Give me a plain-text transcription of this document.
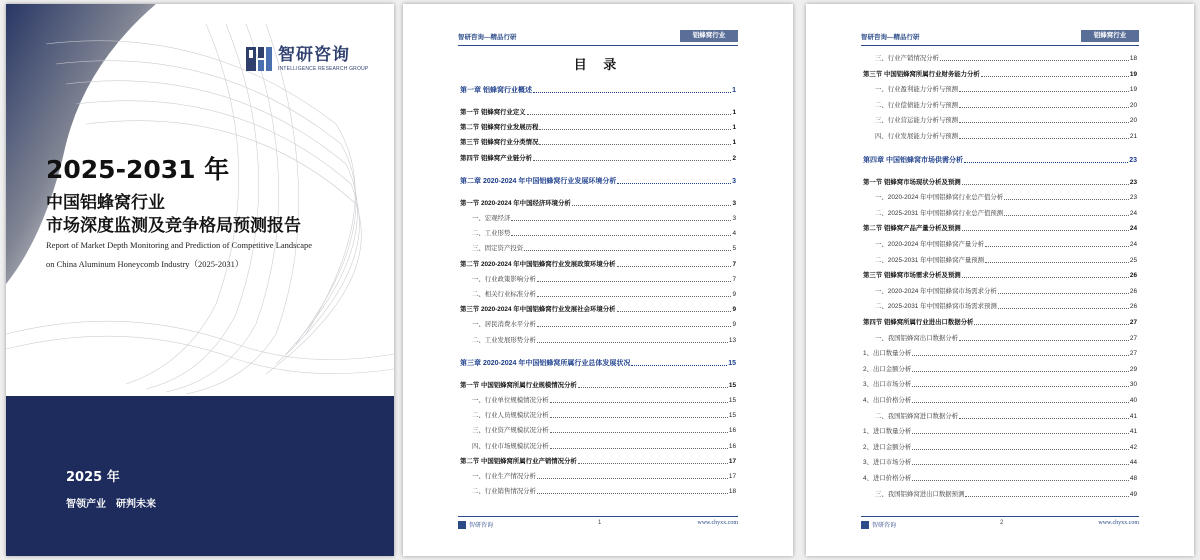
智研咨询
INTELLIGENCE RESEARCH GROUP
2025-2031 年
中国铝蜂窝行业
市场深度监测及竞争格局预测报告
Report of Market Depth Monitoring and Prediction of Competitive Landscape
on China Aluminum Honeycomb Industry（2025-2031）
2025 年
智领产业　研判未来
智研咨询—精品行研	铝蜂窝行业
目 录
第一章 铝蜂窝行业概述	1
第一节 铝蜂窝行业定义	1
第二节 铝蜂窝行业发展历程	1
第三节 铝蜂窝行业分类情况	1
第四节 铝蜂窝产业链分析	2
第二章 2020-2024 年中国铝蜂窝行业发展环境分析	3
第一节 2020-2024 年中国经济环境分析	3
一、宏观经济	3
二、工业形势	4
三、固定资产投资	5
第二节 2020-2024 年中国铝蜂窝行业发展政策环境分析	7
一、行业政策影响分析	7
二、相关行业标准分析	9
第三节 2020-2024 年中国铝蜂窝行业发展社会环境分析	9
一、居民消费水平分析	9
二、工业发展形势分析	13
第三章 2020-2024 年中国铝蜂窝所属行业总体发展状况	15
第一节 中国铝蜂窝所属行业规模情况分析	15
一、行业单位规模情况分析	15
二、行业人员规模状况分析	15
三、行业资产规模状况分析	16
四、行业市场规模状况分析	16
第二节 中国铝蜂窝所属行业产销情况分析	17
一、行业生产情况分析	17
二、行业销售情况分析	18
智研咨询	1	www.chyxx.com
智研咨询—精品行研	铝蜂窝行业
三、行业产销情况分析	18
第三节 中国铝蜂窝所属行业财务能力分析	19
一、行业盈利能力分析与预测	19
二、行业偿债能力分析与预测	20
三、行业营运能力分析与预测	20
四、行业发展能力分析与预测	21
第四章 中国铝蜂窝市场供需分析	23
第一节 铝蜂窝市场现状分析及预测	23
一、2020-2024 年中国铝蜂窝行业总产值分析	23
二、2025-2031 年中国铝蜂窝行业总产值预测	24
第二节 铝蜂窝产品产量分析及预测	24
一、2020-2024 年中国铝蜂窝产量分析	24
二、2025-2031 年中国铝蜂窝产量预测	25
第三节 铝蜂窝市场需求分析及预测	26
一、2020-2024 年中国铝蜂窝市场需求分析	26
二、2025-2031 年中国铝蜂窝市场需求预测	26
第四节 铝蜂窝所属行业进出口数据分析	27
一、我国铝蜂窝出口数据分析	27
1、出口数量分析	27
2、出口金额分析	29
3、出口市场分析	30
4、出口价格分析	40
二、我国铝蜂窝进口数据分析	41
1、进口数量分析	41
2、进口金额分析	42
3、进口市场分析	44
4、进口价格分析	48
三、我国铝蜂窝进出口数据预测	49
智研咨询	2	www.chyxx.com
